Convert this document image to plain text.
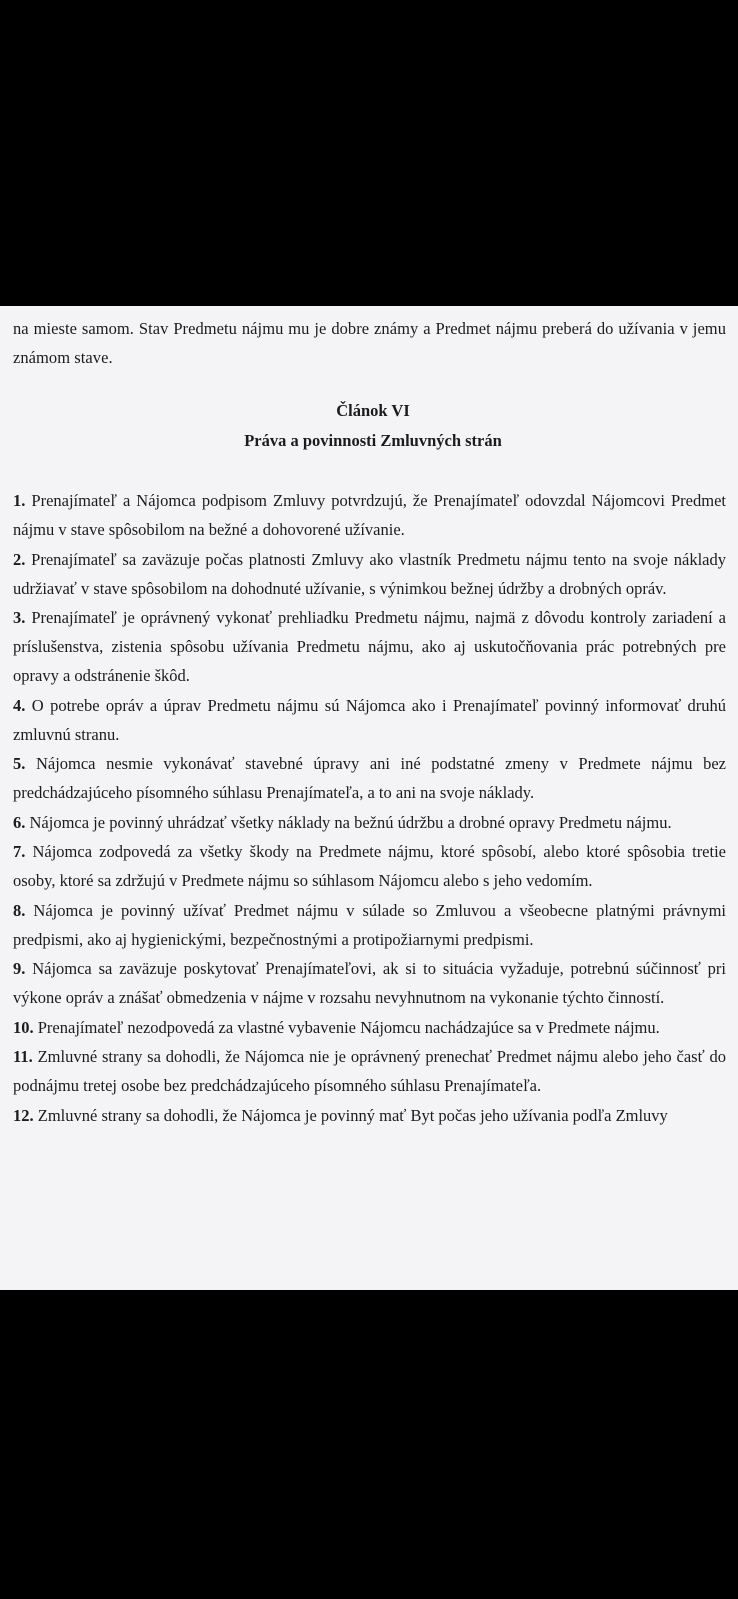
na mieste samom. Stav Predmetu nájmu mu je dobre známy a Predmet nájmu preberá do užívania v jemu známom stave.
Článok VI
Práva a povinnosti Zmluvných strán
1. Prenajímateľ a Nájomca podpisom Zmluvy potvrdzujú, že Prenajímateľ odovzdal Nájomcovi Predmet nájmu v stave spôsobilom na bežné a dohovorené užívanie.
2. Prenajímateľ sa zaväzuje počas platnosti Zmluvy ako vlastník Predmetu nájmu tento na svoje náklady udržiavať v stave spôsobilom na dohodnuté užívanie, s výnimkou bežnej údržby a drobných opráv.
3. Prenajímateľ je oprávnený vykonať prehliadku Predmetu nájmu, najmä z dôvodu kontroly zariadení a príslušenstva, zistenia spôsobu užívania Predmetu nájmu, ako aj uskutočňovania prác potrebných pre opravy a odstránenie škôd.
4. O potrebe opráv a úprav Predmetu nájmu sú Nájomca ako i Prenajímateľ povinný informovať druhú zmluvnú stranu.
5. Nájomca nesmie vykonávať stavebné úpravy ani iné podstatné zmeny v Predmete nájmu bez predchádzajúceho písomného súhlasu Prenajímateľa, a to ani na svoje náklady.
6. Nájomca je povinný uhrádzať všetky náklady na bežnú údržbu a drobné opravy Predmetu nájmu.
7. Nájomca zodpovedá za všetky škody na Predmete nájmu, ktoré spôsobí, alebo ktoré spôsobia tretie osoby, ktoré sa zdržujú v Predmete nájmu so súhlasom Nájomcu alebo s jeho vedomím.
8. Nájomca je povinný užívať Predmet nájmu v súlade so Zmluvou a všeobecne platnými právnymi predpismi, ako aj hygienickými, bezpečnostnými a protipožiarnymi predpismi.
9. Nájomca sa zaväzuje poskytovať Prenajímateľovi, ak si to situácia vyžaduje, potrebnú súčinnosť pri výkone opráv a znášať obmedzenia v nájme v rozsahu nevyhnutnom na vykonanie týchto činností.
10. Prenajímateľ nezodpovedá za vlastné vybavenie Nájomcu nachádzajúce sa v Predmete nájmu.
11. Zmluvné strany sa dohodli, že Nájomca nie je oprávnený prenechať Predmet nájmu alebo jeho časť do podnájmu tretej osobe bez predchádzajúceho písomného súhlasu Prenajímateľa.
12. Zmluvné strany sa dohodli, že Nájomca je povinný mať Byt počas jeho užívania podľa Zmluvy
